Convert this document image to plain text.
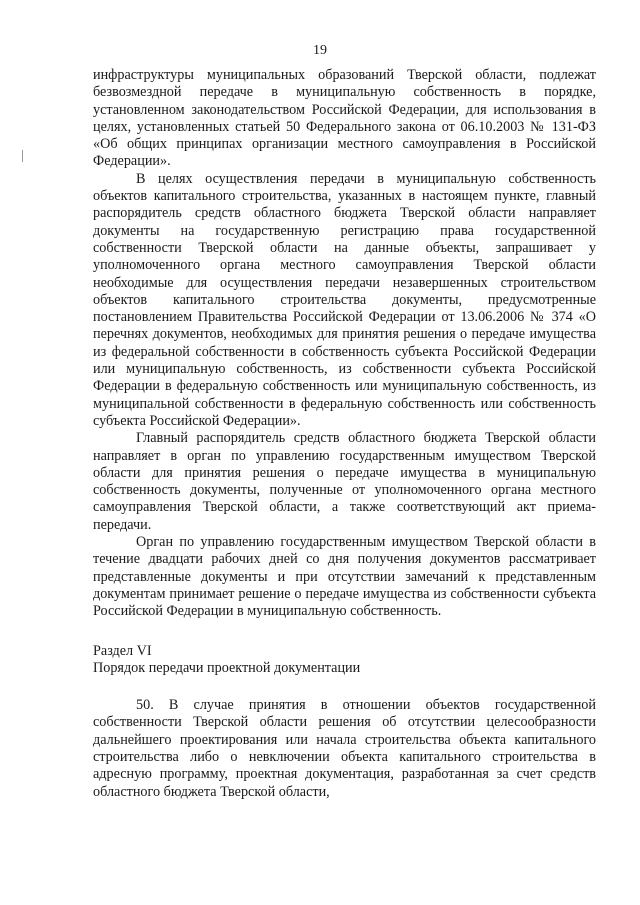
19

инфраструктуры муниципальных образований Тверской области, подлежат безвозмездной передаче в муниципальную собственность в порядке, установленном законодательством Российской Федерации, для использования в целях, установленных статьей 50 Федерального закона от 06.10.2003 № 131-ФЗ «Об общих принципах организации местного самоуправления в Российской Федерации».

В целях осуществления передачи в муниципальную собственность объектов капитального строительства, указанных в настоящем пункте, главный распорядитель средств областного бюджета Тверской области направляет документы на государственную регистрацию права государственной собственности Тверской области на данные объекты, запрашивает у уполномоченного органа местного самоуправления Тверской области необходимые для осуществления передачи незавершенных строительством объектов капитального строительства документы, предусмотренные постановлением Правительства Российской Федерации от 13.06.2006 № 374 «О перечнях документов, необходимых для принятия решения о передаче имущества из федеральной собственности в собственность субъекта Российской Федерации или муниципальную собственность, из собственности субъекта Российской Федерации в федеральную собственность или муниципальную собственность, из муниципальной собственности в федеральную собственность или собственность субъекта Российской Федерации».

Главный распорядитель средств областного бюджета Тверской области направляет в орган по управлению государственным имуществом Тверской области для принятия решения о передаче имущества в муниципальную собственность документы, полученные от уполномоченного органа местного самоуправления Тверской области, а также соответствующий акт приема-передачи.

Орган по управлению государственным имуществом Тверской области в течение двадцати рабочих дней со дня получения документов рассматривает представленные документы и при отсутствии замечаний к представленным документам принимает решение о передаче имущества из собственности субъекта Российской Федерации в муниципальную собственность.

Раздел VI

Порядок передачи проектной документации

50. В случае принятия в отношении объектов государственной собственности Тверской области решения об отсутствии целесообразности дальнейшего проектирования или начала строительства объекта капитального строительства либо о невключении объекта капитального строительства в адресную программу, проектная документация, разработанная за счет средств областного бюджета Тверской области,
